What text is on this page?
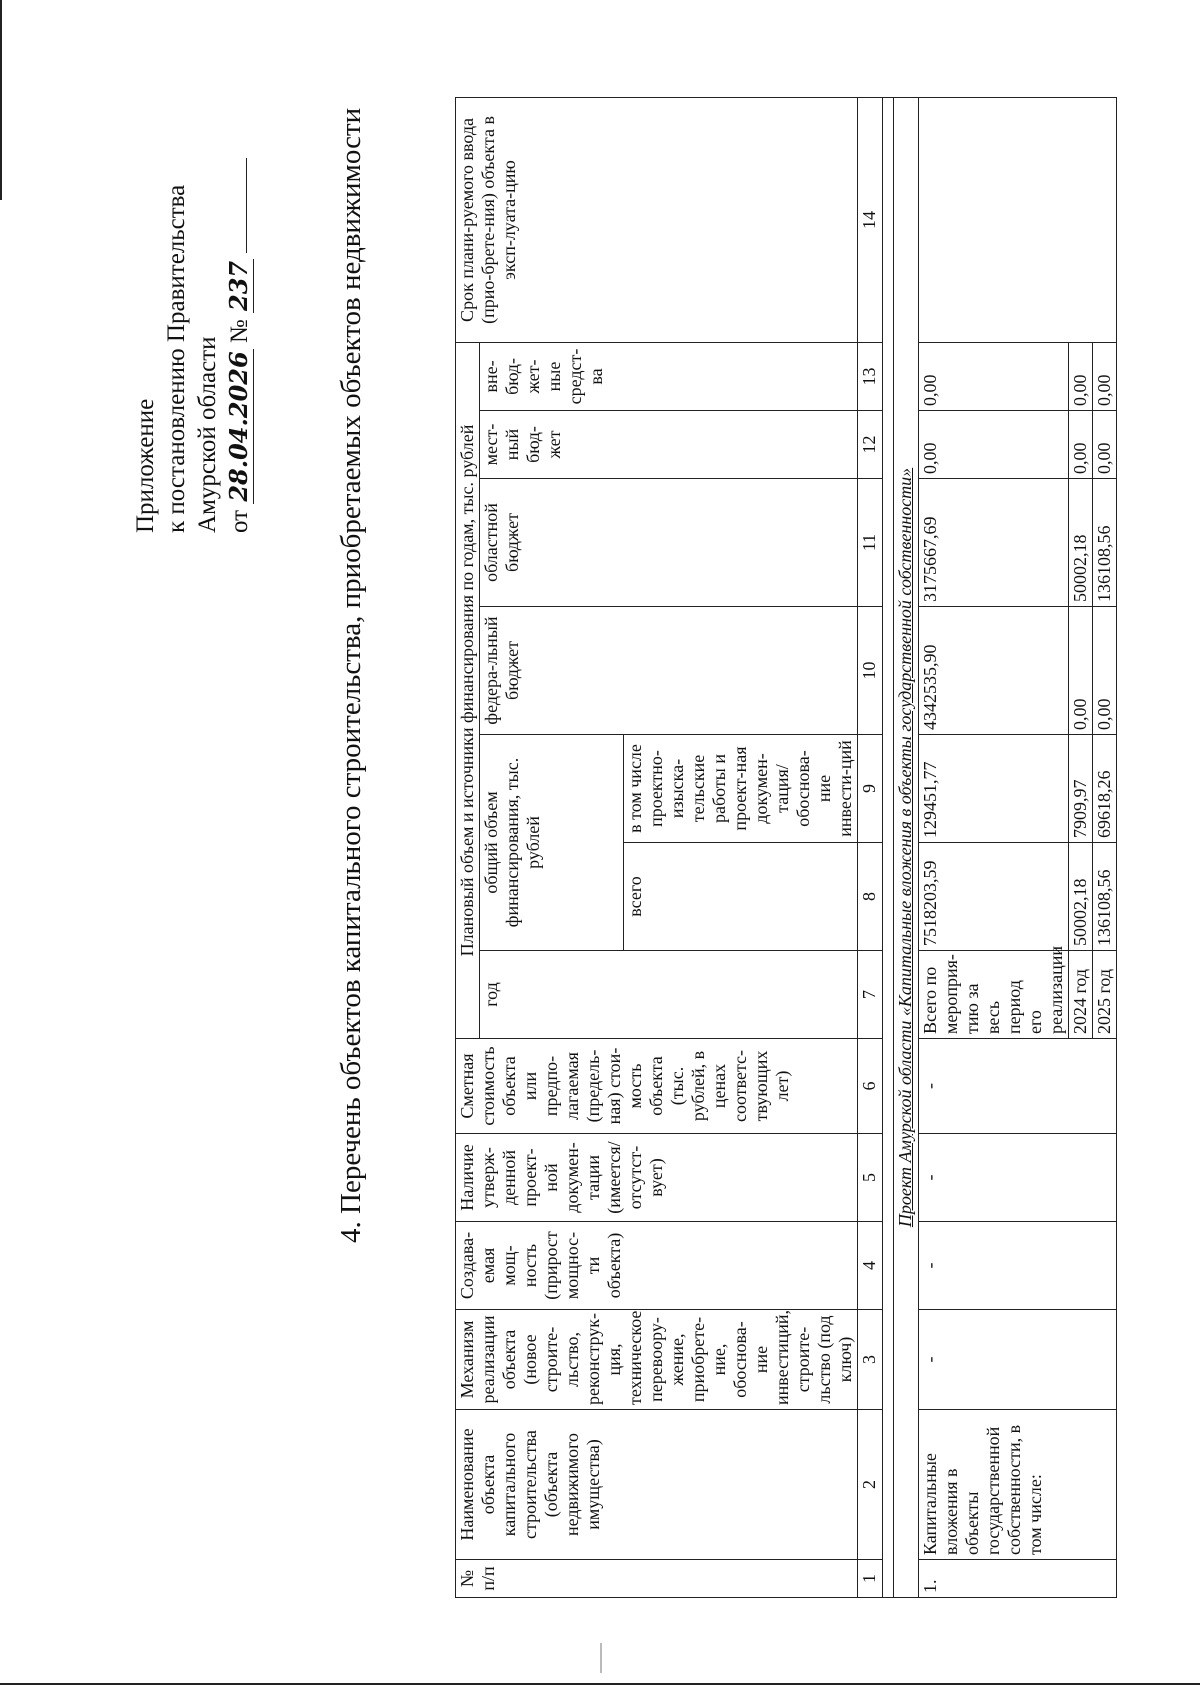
Приложение к постановлению Правительства Амурской области от 28.04.2026 № 237	4. Перечень объектов капитального строительства, приобретаемых объектов недвижимости
№ п/п	Наименование объекта капитального строительства (объекта недвижимого имущества)	Механизм реализации объекта (новое строите-льство, реконструк-ция, техническое перевоору-жение, приобрете-ние, обоснова-ние инвестиций, строите-льство (под ключ)	Создава-емая мощ-ность (прирост мощнос-ти объекта)	Наличие утверж-денной проект-ной докумен-тации (имеется/ отсутст-вует)	Сметная стоимость объекта или предпо-лагаемая (предель-ная) стои-мость объекта (тыс. рублей, в ценах соответс-твующих лет)	Плановый объем и источники финансирования по годам, тыс. рублей							Срок плани-руемого ввода (прио-брете-ния) объекта в эксп-луата-цию
						год	общий объем финансирования, тыс. рублей		федера-льный бюджет	областной бюджет	мест-ный бюд-жет	вне-бюд-жет-ные средст-ва	
							всего	в том числе проектно-изыска-тельские работы и проект-ная докумен-тация/ обоснова-ние инвести-ций					
1	2	3	4	5	6	7	8	9	10	11	12	13	14

Проект Амурской области «Капитальные вложения в объекты государственной собственности»													
1.	Капитальные вложения в объекты государственной собственности, в том числе:	-	-	-	-	Всего по мероприя-тию за весь период его реализации	7518203,59	129451,77	4342535,90	3175667,69	0,00	0,00	
						2024 год	50002,18	7909,97	0,00	50002,18	0,00	0,00	
						2025 год	136108,56	69618,26	0,00	136108,56	0,00	0,00	
